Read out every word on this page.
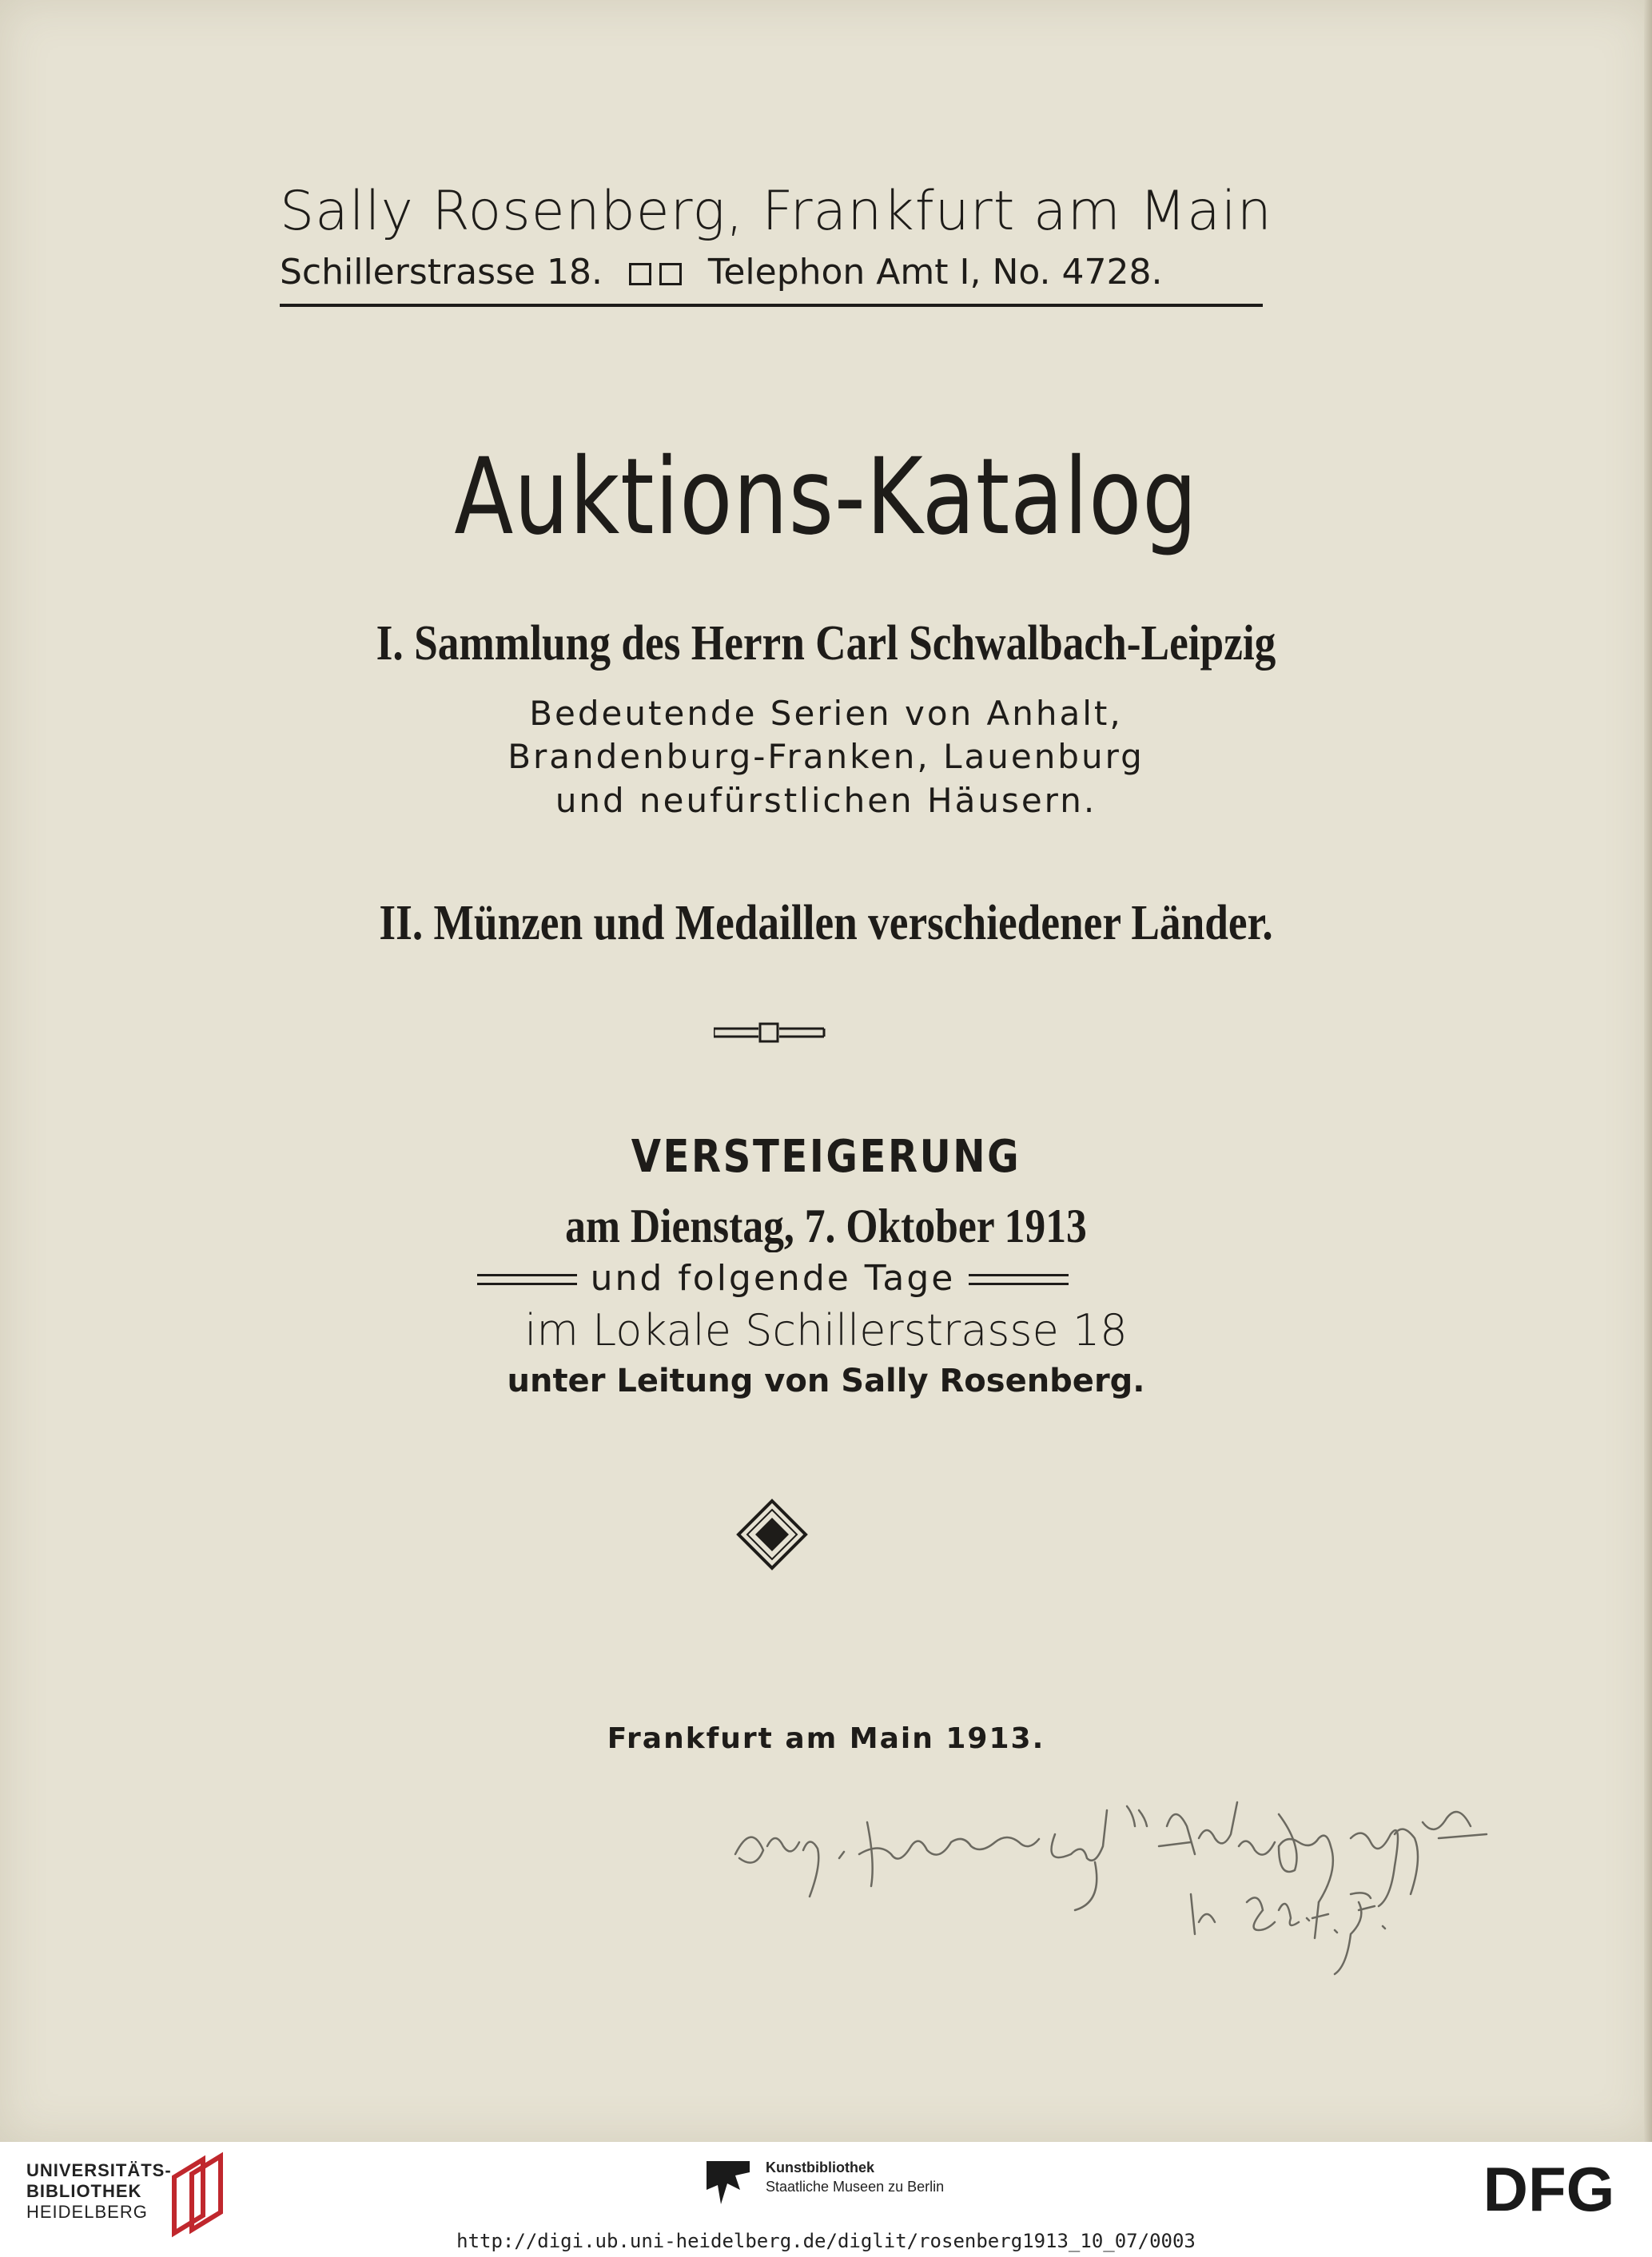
Sally Rosenberg, Frankfurt am Main
Schillerstrasse 18.	Telephon Amt I, No. 4728.
Auktions-Katalog
I. Sammlung des Herrn Carl Schwalbach-Leipzig
Bedeutende Serien von Anhalt,
Brandenburg-Franken, Lauenburg
und neufürstlichen Häusern.
II. Münzen und Medaillen verschiedener Länder.
VERSTEIGERUNG
am Dienstag, 7. Oktober 1913
und folgende Tage
im Lokale Schillerstrasse 18
unter Leitung von Sally Rosenberg.
Frankfurt am Main 1913.
UNIVERSITÄTS-
BIBLIOTHEK
HEIDELBERG
Kunstbibliothek
Staatliche Museen zu Berlin	DFG
http://digi.ub.uni-heidelberg.de/diglit/rosenberg1913_10_07/0003
